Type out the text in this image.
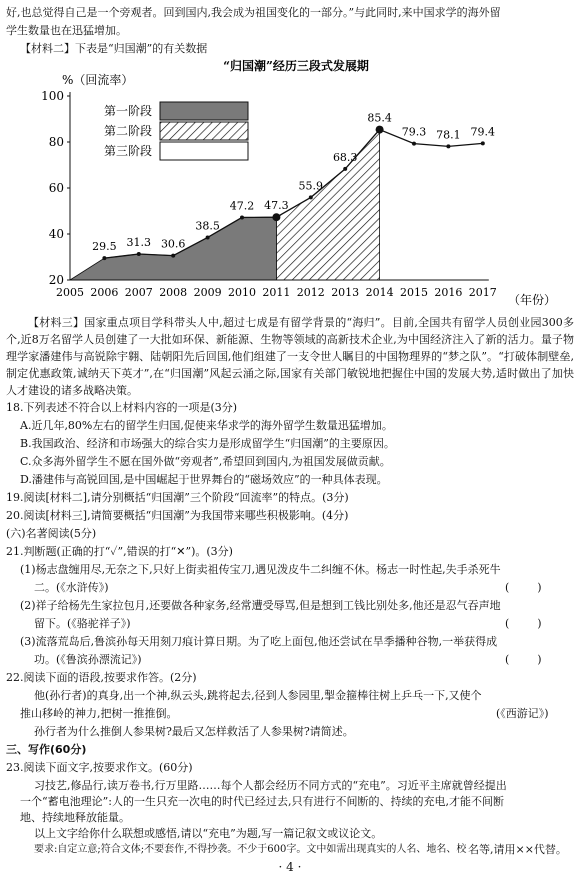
好,也总觉得自己是一个旁观者。回到国内,我会成为祖国变化的一部分。”与此同时,来中国求学的海外留
学生数量也在迅猛增加。
【材料二】下表是“归国潮”的有关数据
“归国潮”经历三段式发展期
%（回流率）
20
40
60
80
100
2005 2006 2007 2008 2009 2010 2011 2012 2013 2014 2015 2016 2017
29.5 31.3 30.6
38.5
47.2 47.3
55.9
68.3
85.4
79.3 78.1 79.4
第一阶段
第二阶段
第三阶段
（年份）
【材料三】国家重点项目学科带头人中,超过七成是有留学背景的“海归”。目前,全国共有留学人员创业园300多个,近8万名留学人员创建了一大批如环保、新能源、生物等领域的高新技术企业,为中国经济注入了新的活力。量子物理学家潘建伟与高锐除宇翱、陆朝阳先后回国,他们组建了一支令世人瞩目的中国物理界的“梦之队”。“打破体制壁垒,制定优惠政策,诚纳天下英才”,在“归国潮”风起云涌之际,国家有关部门敏锐地把握住中国的发展大势,适时做出了加快人才建设的诸多战略决策。
18.下列表述不符合以上材料内容的一项是(3分)
A.近几年,80%左右的留学生归国,促使来华求学的海外留学生数量迅猛增加。
B.我国政治、经济和市场强大的综合实力是形成留学生“归国潮”的主要原因。
C.众多海外留学生不愿在国外做“旁观者”,希望回到国内,为祖国发展做贡献。
D.潘建伟与高锐回国,是中国崛起于世界舞台的“磁场效应”的一种具体表现。
19.阅读[材料二],请分别概括“归国潮”三个阶段“回流率”的特点。(3分)
20.阅读[材料三],请简要概括“归国潮”为我国带来哪些积极影响。(4分)
(六)名著阅读(5分)
21.判断题(正确的打“✓”,错误的打“✕”)。(3分)
(1)杨志盘缠用尽,无奈之下,只好上街卖祖传宝刀,遇见泼皮牛二纠缠不休。杨志一时性起,失手杀死牛
二。(《水浒传》)	(        )
(2)祥子给杨先生家拉包月,还要做各种家务,经常遭受辱骂,但是想到工钱比别处多,他还是忍气吞声地
留下。(《骆驼祥子》)	(        )
(3)流落荒岛后,鲁滨孙每天用刻刀痕计算日期。为了吃上面包,他还尝试在旱季播种谷物,一举获得成
功。(《鲁滨孙漂流记》)	(        )
22.阅读下面的语段,按要求作答。(2分)
他(孙行者)的真身,出一个神,纵云头,跳将起去,径到人参园里,掣金箍棒往树上乒乓一下,又使个
推山移岭的神力,把树一推推倒。	(《西游记》)
孙行者为什么推倒人参果树?最后又怎样救活了人参果树?请简述。
三、写作(60分)
23.阅读下面文字,按要求作文。(60分)
习技艺,修品行,读万卷书,行万里路……每个人都会经历不同方式的“充电”。习近平主席就曾经提出
一个“蓄电池理论”:人的一生只充一次电的时代已经过去,只有进行不间断的、持续的充电,才能不间断
地、持续地释放能量。
以上文字给你什么联想或感悟,请以“充电”为题,写一篇记叙文或议论文。
· 4 ·
要求:自定立意;符合文体;不要套作,不得抄袭。不少于600字。文中如需出现真实的人名、地名、校 名等,请用××代替。
